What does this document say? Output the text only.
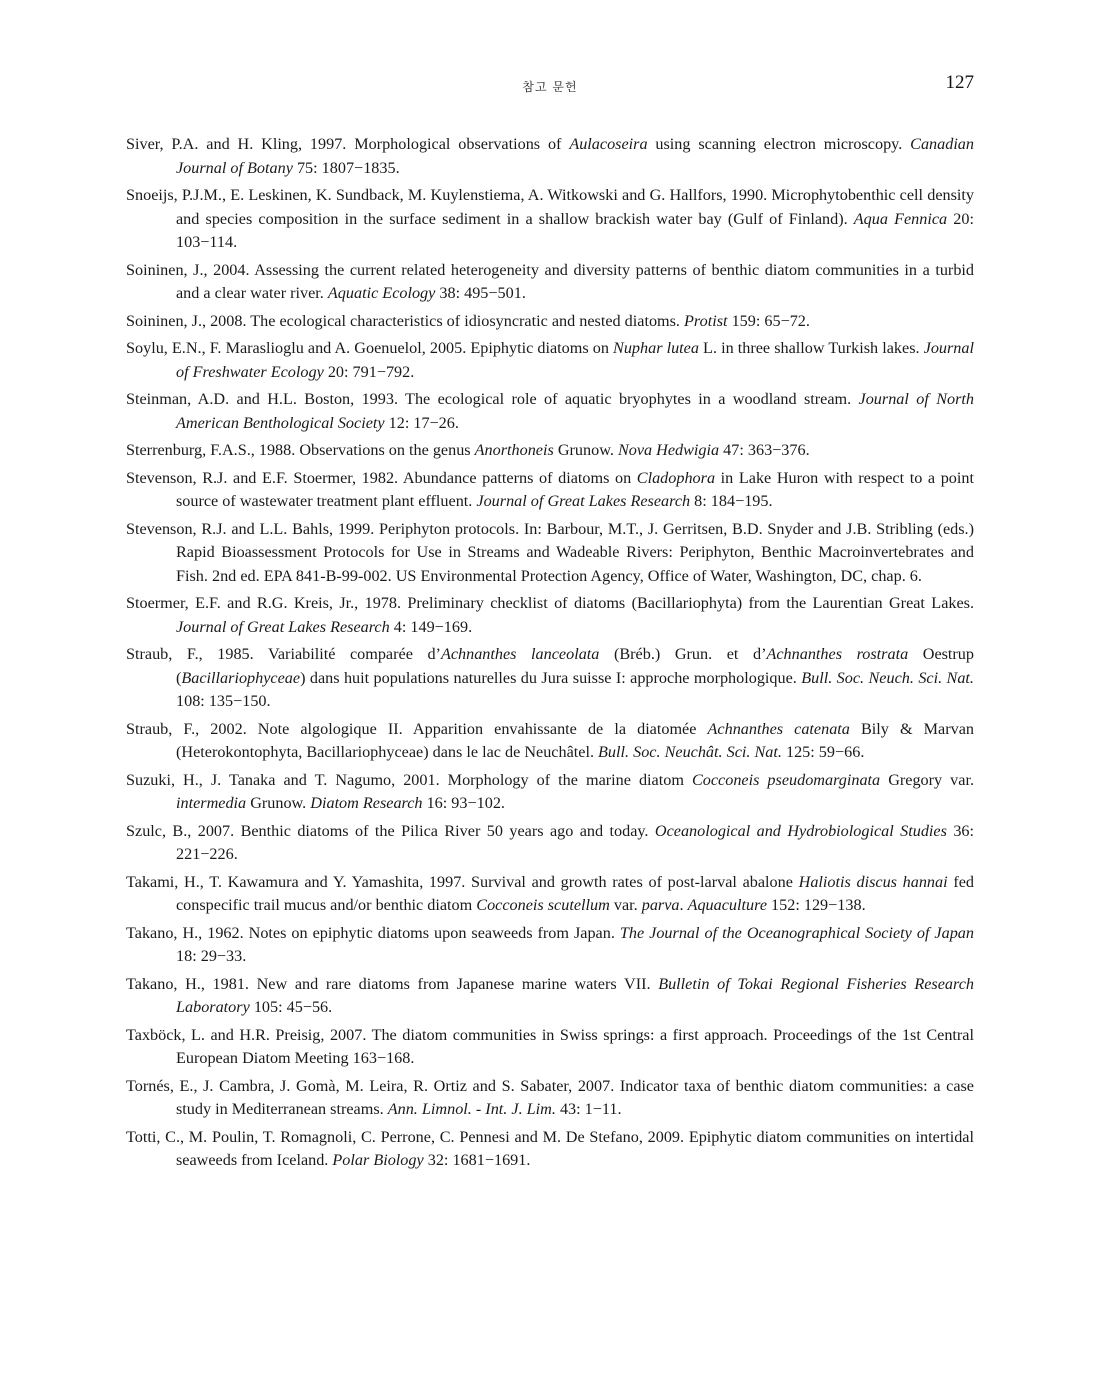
참고 문헌	127
Siver, P.A. and H. Kling, 1997. Morphological observations of Aulacoseira using scanning electron microscopy. Canadian Journal of Botany 75: 1807−1835.
Snoeijs, P.J.M., E. Leskinen, K. Sundback, M. Kuylenstiema, A. Witkowski and G. Hallfors, 1990. Microphytobenthic cell density and species composition in the surface sediment in a shallow brackish water bay (Gulf of Finland). Aqua Fennica 20: 103−114.
Soininen, J., 2004. Assessing the current related heterogeneity and diversity patterns of benthic diatom communities in a turbid and a clear water river. Aquatic Ecology 38: 495−501.
Soininen, J., 2008. The ecological characteristics of idiosyncratic and nested diatoms. Protist 159: 65−72.
Soylu, E.N., F. Maraslioglu and A. Goenuelol, 2005. Epiphytic diatoms on Nuphar lutea L. in three shallow Turkish lakes. Journal of Freshwater Ecology 20: 791−792.
Steinman, A.D. and H.L. Boston, 1993. The ecological role of aquatic bryophytes in a woodland stream. Journal of North American Benthological Society 12: 17−26.
Sterrenburg, F.A.S., 1988. Observations on the genus Anorthoneis Grunow. Nova Hedwigia 47: 363−376.
Stevenson, R.J. and E.F. Stoermer, 1982. Abundance patterns of diatoms on Cladophora in Lake Huron with respect to a point source of wastewater treatment plant effluent. Journal of Great Lakes Research 8: 184−195.
Stevenson, R.J. and L.L. Bahls, 1999. Periphyton protocols. In: Barbour, M.T., J. Gerritsen, B.D. Snyder and J.B. Stribling (eds.) Rapid Bioassessment Protocols for Use in Streams and Wadeable Rivers: Periphyton, Benthic Macroinvertebrates and Fish. 2nd ed. EPA 841-B-99-002. US Environmental Protection Agency, Office of Water, Washington, DC, chap. 6.
Stoermer, E.F. and R.G. Kreis, Jr., 1978. Preliminary checklist of diatoms (Bacillariophyta) from the Laurentian Great Lakes. Journal of Great Lakes Research 4: 149−169.
Straub, F., 1985. Variabilité comparée d’Achnanthes lanceolata (Bréb.) Grun. et d’Achnanthes rostrata Oestrup (Bacillariophyceae) dans huit populations naturelles du Jura suisse I: approche morphologique. Bull. Soc. Neuch. Sci. Nat. 108: 135−150.
Straub, F., 2002. Note algologique II. Apparition envahissante de la diatomée Achnanthes catenata Bily & Marvan (Heterokontophyta, Bacillariophyceae) dans le lac de Neuchâtel. Bull. Soc. Neuchât. Sci. Nat. 125: 59−66.
Suzuki, H., J. Tanaka and T. Nagumo, 2001. Morphology of the marine diatom Cocconeis pseudomarginata Gregory var. intermedia Grunow. Diatom Research 16: 93−102.
Szulc, B., 2007. Benthic diatoms of the Pilica River 50 years ago and today. Oceanological and Hydrobiological Studies 36: 221−226.
Takami, H., T. Kawamura and Y. Yamashita, 1997. Survival and growth rates of post-larval abalone Haliotis discus hannai fed conspecific trail mucus and/or benthic diatom Cocconeis scutellum var. parva. Aquaculture 152: 129−138.
Takano, H., 1962. Notes on epiphytic diatoms upon seaweeds from Japan. The Journal of the Oceanographical Society of Japan 18: 29−33.
Takano, H., 1981. New and rare diatoms from Japanese marine waters VII. Bulletin of Tokai Regional Fisheries Research Laboratory 105: 45−56.
Taxböck, L. and H.R. Preisig, 2007. The diatom communities in Swiss springs: a first approach. Proceedings of the 1st Central European Diatom Meeting 163−168.
Tornés, E., J. Cambra, J. Gomà, M. Leira, R. Ortiz and S. Sabater, 2007. Indicator taxa of benthic diatom communities: a case study in Mediterranean streams. Ann. Limnol. - Int. J. Lim. 43: 1−11.
Totti, C., M. Poulin, T. Romagnoli, C. Perrone, C. Pennesi and M. De Stefano, 2009. Epiphytic diatom communities on intertidal seaweeds from Iceland. Polar Biology 32: 1681−1691.
